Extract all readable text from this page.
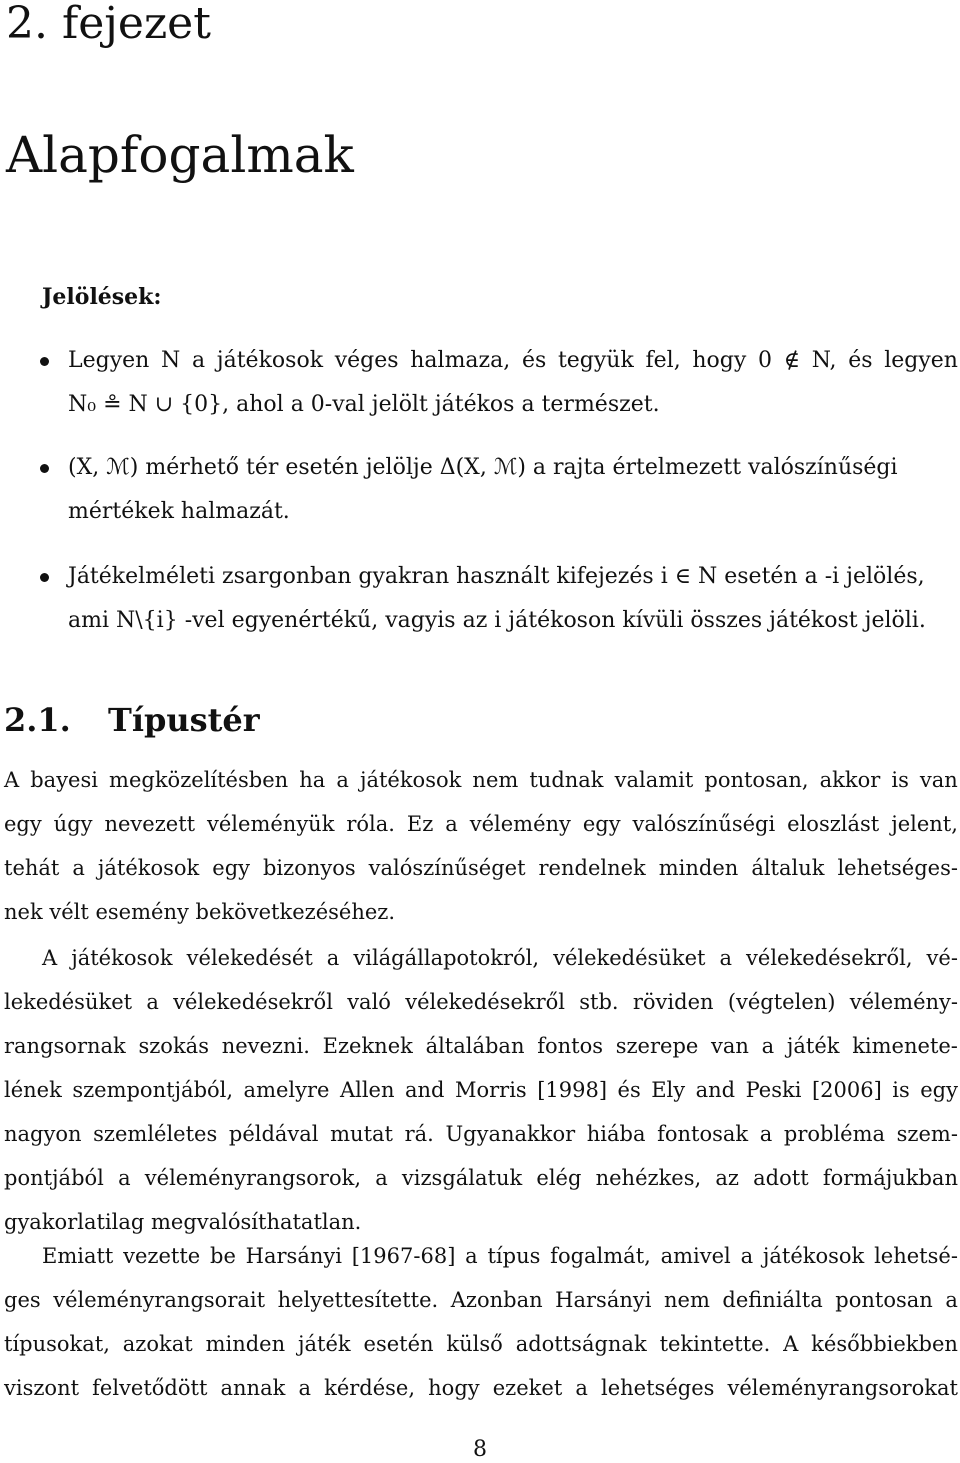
2. fejezet
Alapfogalmak
Jelölések:
Legyen N a játékosok véges halmaza, és tegyük fel, hogy 0 ∉ N, és legyen
N₀ ≗ N ∪ {0}, ahol a 0-val jelölt játékos a természet.
(X, ℳ) mérhető tér esetén jelölje Δ(X, ℳ) a rajta értelmezett valószínűségi
mértékek halmazát.
Játékelméleti zsargonban gyakran használt kifejezés i ∈ N esetén a -i jelölés,
ami N\{i} -vel egyenértékű, vagyis az i játékoson kívüli összes játékost jelöli.
2.1. Típustér
A bayesi megközelítésben ha a játékosok nem tudnak valamit pontosan, akkor is van
egy úgy nevezett véleményük róla. Ez a vélemény egy valószínűségi eloszlást jelent,
tehát a játékosok egy bizonyos valószínűséget rendelnek minden általuk lehetséges-
nek vélt esemény bekövetkezéséhez.
A játékosok vélekedését a világállapotokról, vélekedésüket a vélekedésekről, vé-
lekedésüket a vélekedésekről való vélekedésekről stb. röviden (végtelen) vélemény-
rangsornak szokás nevezni. Ezeknek általában fontos szerepe van a játék kimenete-
lének szempontjából, amelyre Allen and Morris [1998] és Ely and Peski [2006] is egy
nagyon szemléletes példával mutat rá. Ugyanakkor hiába fontosak a probléma szem-
pontjából a véleményrangsorok, a vizsgálatuk elég nehézkes, az adott formájukban
gyakorlatilag megvalósíthatatlan.
Emiatt vezette be Harsányi [1967-68] a típus fogalmát, amivel a játékosok lehetsé-
ges véleményrangsorait helyettesítette. Azonban Harsányi nem definiálta pontosan a
típusokat, azokat minden játék esetén külső adottságnak tekintette. A későbbiekben
viszont felvetődött annak a kérdése, hogy ezeket a lehetséges véleményrangsorokat
8
